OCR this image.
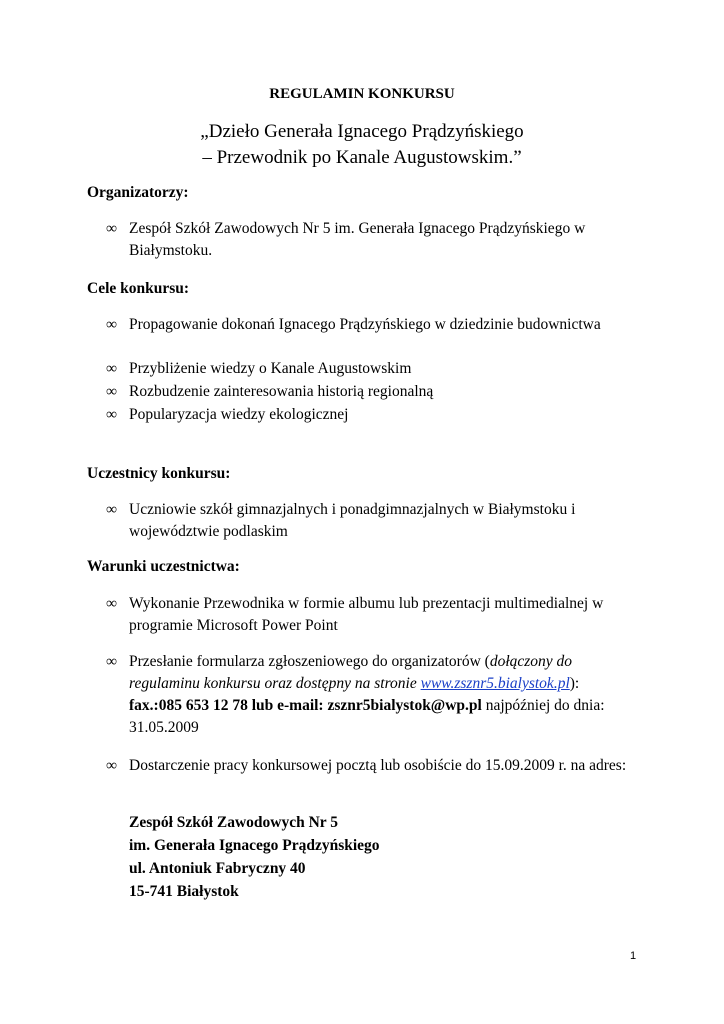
REGULAMIN KONKURSU
„Dzieło Generała Ignacego Prądzyńskiego
– Przewodnik po Kanale Augustowskim.”
Organizatorzy:
∞ Zespół Szkół Zawodowych Nr 5 im. Generała Ignacego Prądzyńskiego w Białymstoku.
Cele konkursu:
∞ Propagowanie dokonań Ignacego Prądzyńskiego w dziedzinie budownictwa
∞ Przybliżenie wiedzy o Kanale Augustowskim
∞ Rozbudzenie zainteresowania historią regionalną
∞ Popularyzacja wiedzy ekologicznej
Uczestnicy konkursu:
∞ Uczniowie szkół gimnazjalnych i ponadgimnazjalnych w Białymstoku i województwie podlaskim
Warunki uczestnictwa:
∞ Wykonanie Przewodnika w formie albumu lub prezentacji multimedialnej w programie Microsoft Power Point
∞ Przesłanie formularza zgłoszeniowego do organizatorów (dołączony do regulaminu konkursu oraz dostępny na stronie www.zsznr5.bialystok.pl):
fax.:085 653 12 78 lub e-mail: zsznr5bialystok@wp.pl najpóźniej do dnia: 31.05.2009
∞ Dostarczenie pracy konkursowej pocztą lub osobiście do 15.09.2009 r. na adres:
Zespół Szkół Zawodowych Nr 5
im. Generała Ignacego Prądzyńskiego
ul. Antoniuk Fabryczny 40
15-741 Białystok
1
